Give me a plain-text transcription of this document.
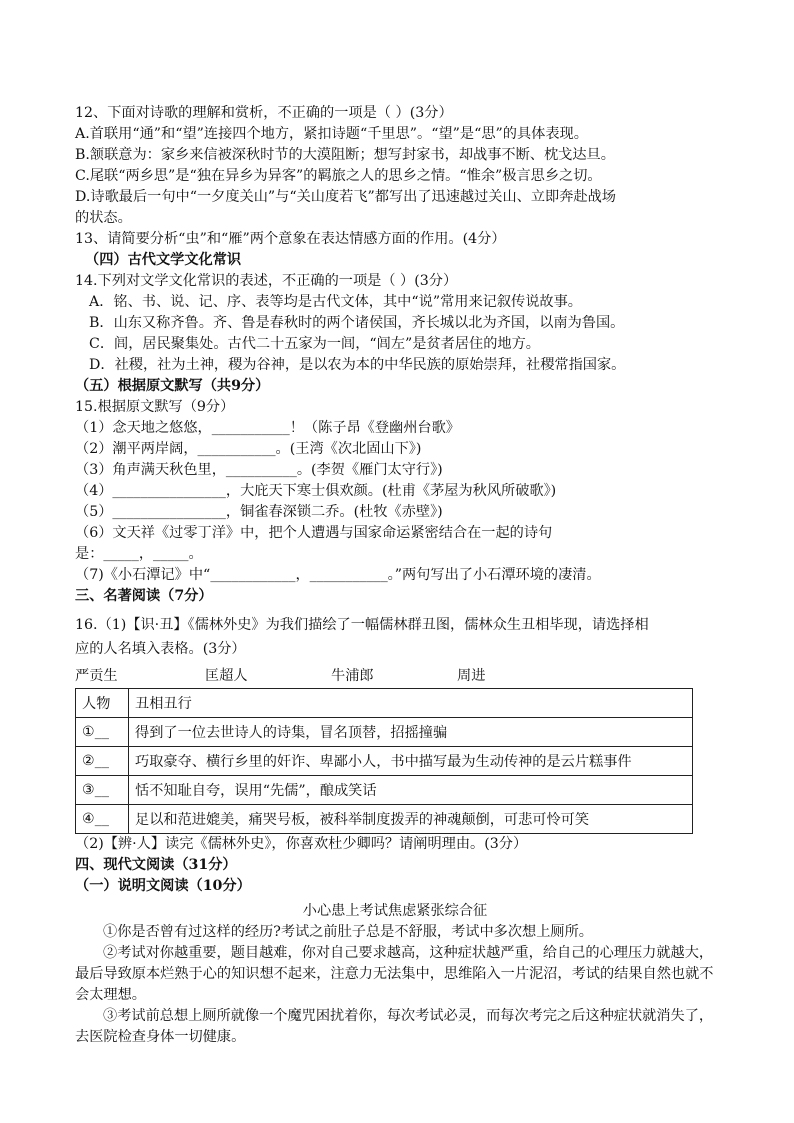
12、下面对诗歌的理解和赏析，不正确的一项是（ ）(3分）
A.首联用“通”和“望”连接四个地方，紧扣诗题“千里思”。“望”是“思”的具体表现。
B.颔联意为：家乡来信被深秋时节的大漠阻断；想写封家书，却战事不断、枕戈达旦。
C.尾联“两乡思”是“独在异乡为异客”的羁旅之人的思乡之情。“惟余”极言思乡之切。
D.诗歌最后一句中“一夕度关山”与“关山度若飞”都写出了迅速越过关山、立即奔赴战场
的状态。
13、请简要分析“虫”和“雁”两个意象在表达情感方面的作用。(4分）
（四）古代文学文化常识
14.下列对文学文化常识的表述，不正确的一项是（ ）(3分）
A．铭、书、说、记、序、表等均是古代文体，其中“说”常用来记叙传说故事。
B．山东又称齐鲁。齐、鲁是春秋时的两个诸侯国，齐长城以北为齐国，以南为鲁国。
C．闾，居民聚集处。古代二十五家为一闾，“闾左”是贫者居住的地方。
D．社稷，社为土神，稷为谷神，是以农为本的中华民族的原始崇拜，社稷常指国家。
（五）根据原文默写（共9分）
15.根据原文默写（9分）
（1）念天地之悠悠，___________！（陈子昂《登幽州台歌》
（2）潮平两岸阔，___________。(王湾《次北固山下》)
（3）角声满天秋色里，__________。(李贺《雁门太守行》)
（4）________________，大庇天下寒士俱欢颜。(杜甫《茅屋为秋风所破歌》)
（5）________________，铜雀春深锁二乔。(杜牧《赤壁》)
（6）文天祥《过零丁洋》中，把个人遭遇与国家命运紧密结合在一起的诗句
是：_____，_____。
（7)《小石潭记》中“____________，___________。”两句写出了小石潭环境的凄清。
三、名著阅读（7分）
16.（1)【识·丑】《儒林外史》为我们描绘了一幅儒林群丑图，儒林众生丑相毕现，请选择相
应的人名填入表格。(3分）
严贡生	匡超人	牛浦郎	周进
人物	丑相丑行
①__	得到了一位去世诗人的诗集，冒名顶替，招摇撞骗
②__	巧取豪夺、横行乡里的奸诈、卑鄙小人，书中描写最为生动传神的是云片糕事件
③__	恬不知耻自夸，误用“先儒”，酿成笑话
④__	足以和范进媲美，痛哭号板，被科举制度拨弄的神魂颠倒，可悲可怜可笑
（2)【辨·人】读完《儒林外史》，你喜欢杜少卿吗？请阐明理由。(3分）
四、现代文阅读（31分）
（一）说明文阅读（10分）
小心患上考试焦虑紧张综合征
①你是否曾有过这样的经历?考试之前肚子总是不舒服，考试中多次想上厕所。
②考试对你越重要，题目越难，你对自己要求越高，这种症状越严重，给自己的心理压力就越大，最后导致原本烂熟于心的知识想不起来，注意力无法集中，思维陷入一片泥沼，考试的结果自然也就不会太理想。
③考试前总想上厕所就像一个魔咒困扰着你，每次考试必灵，而每次考完之后这种症状就消失了，去医院检查身体一切健康。
